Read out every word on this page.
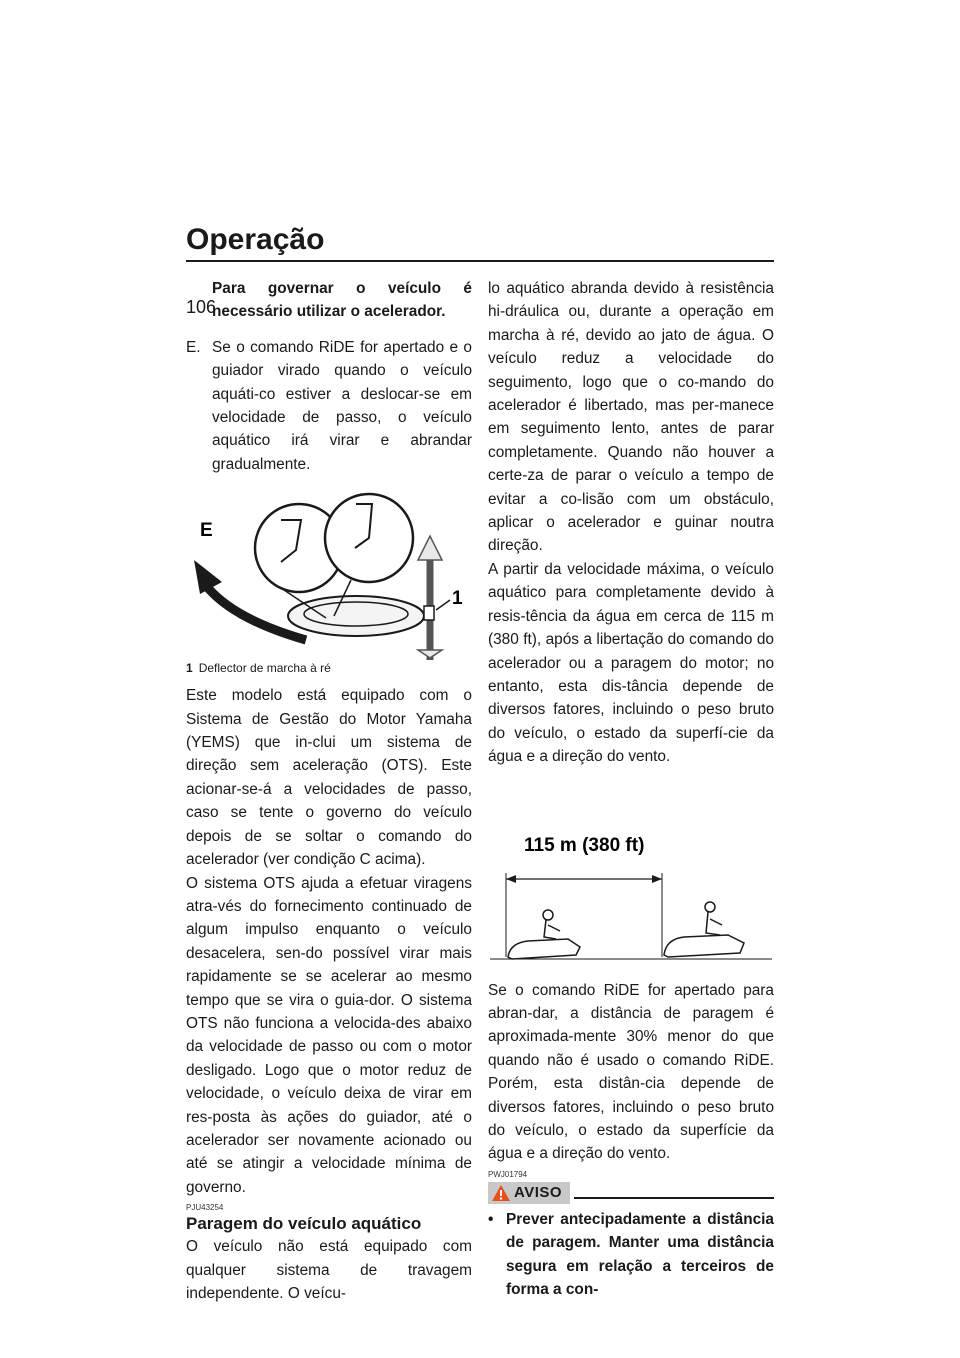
Operação
106

Para governar o veículo é necessário utilizar o acelerador.

E. Se o comando RiDE for apertado e o guiador virado quando o veículo aquáti-co estiver a deslocar-se em velocidade de passo, o veículo aquático irá virar e abrandar gradualmente.
E
1
1 Deflector de marcha à ré

Este modelo está equipado com o Sistema de Gestão do Motor Yamaha (YEMS) que in-clui um sistema de direção sem aceleração (OTS). Este acionar-se-á a velocidades de passo, caso se tente o governo do veículo depois de se soltar o comando do acelerador (ver condição C acima).

O sistema OTS ajuda a efetuar viragens atra-vés do fornecimento continuado de algum impulso enquanto o veículo desacelera, sen-do possível virar mais rapidamente se se acelerar ao mesmo tempo que se vira o guia-dor. O sistema OTS não funciona a velocida-des abaixo da velocidade de passo ou com o motor desligado. Logo que o motor reduz de velocidade, o veículo deixa de virar em res-posta às ações do guiador, até o acelerador ser novamente acionado ou até se atingir a velocidade mínima de governo.

PJU43254
Paragem do veículo aquático

O veículo não está equipado com qualquer sistema de travagem independente. O veícu-

lo aquático abranda devido à resistência hi-dráulica ou, durante a operação em marcha à ré, devido ao jato de água. O veículo reduz a velocidade do seguimento, logo que o co-mando do acelerador é libertado, mas per-manece em seguimento lento, antes de parar completamente. Quando não houver a certe-za de parar o veículo a tempo de evitar a co-lisão com um obstáculo, aplicar o acelerador e guinar noutra direção.

A partir da velocidade máxima, o veículo aquático para completamente devido à resis-tência da água em cerca de 115 m (380 ft), após a libertação do comando do acelerador ou a paragem do motor; no entanto, esta dis-tância depende de diversos fatores, incluindo o peso bruto do veículo, o estado da superfí-cie da água e a direção do vento.

115 m (380 ft)

Se o comando RiDE for apertado para abran-dar, a distância de paragem é aproximada-mente 30% menor do que quando não é usado o comando RiDE. Porém, esta distân-cia depende de diversos fatores, incluindo o peso bruto do veículo, o estado da superfície da água e a direção do vento.

PWJ01794
AVISO
• Prever antecipadamente a distância de paragem. Manter uma distância segura em relação a terceiros de forma a con-
